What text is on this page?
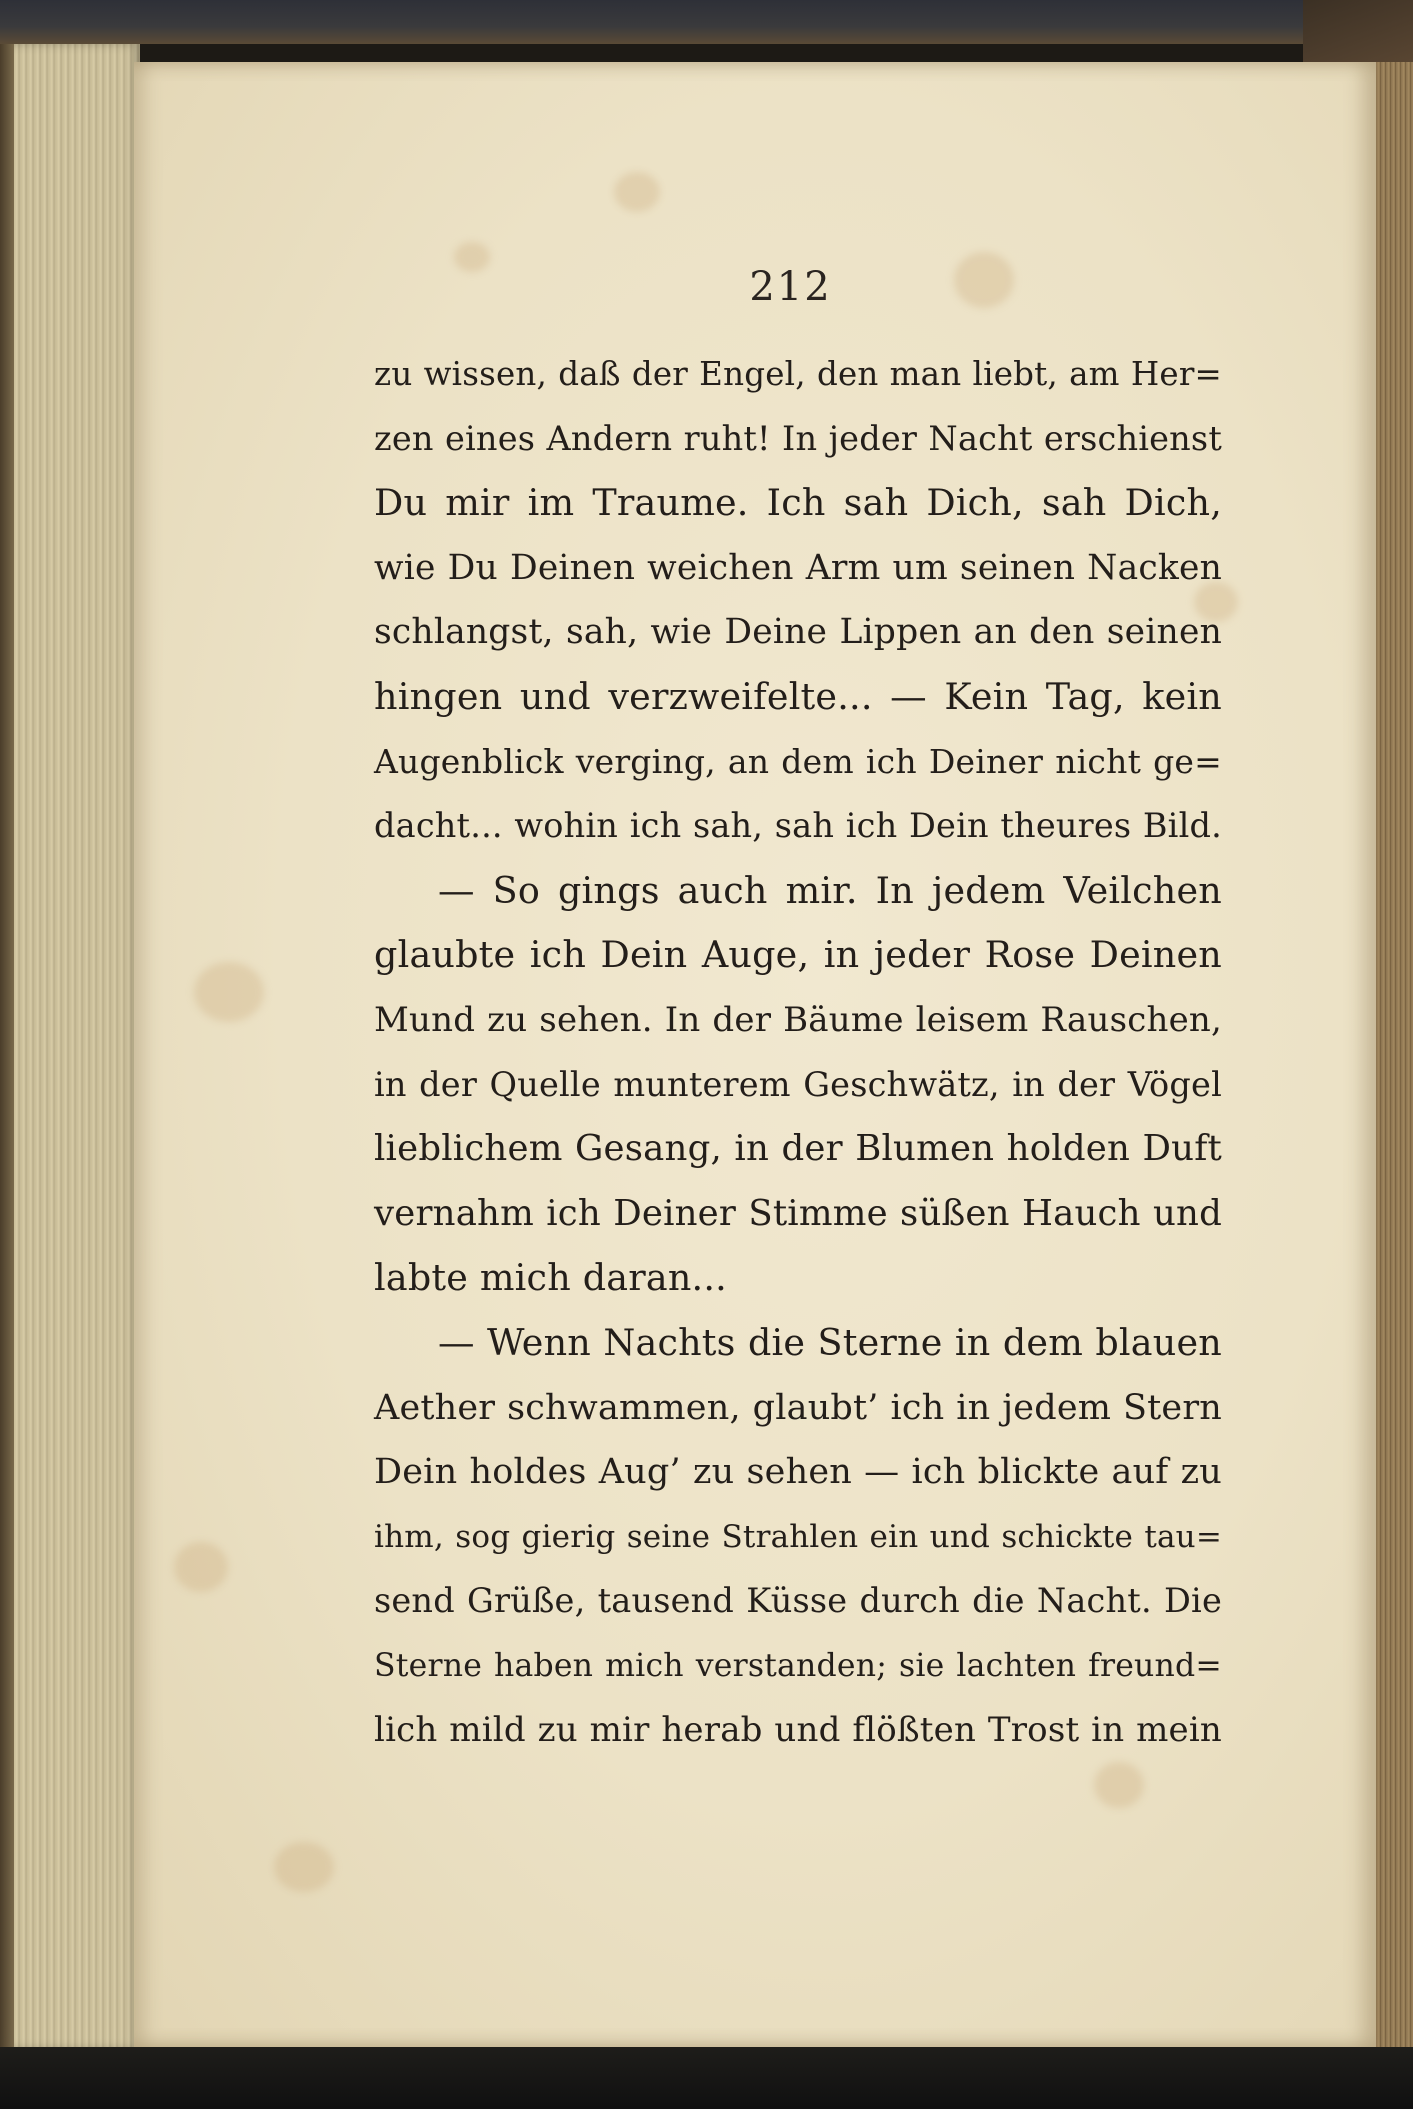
212
zu wissen, daß der Engel, den man liebt, am Her=
zen eines Andern ruht! In jeder Nacht erschienst
Du mir im Traume. Ich sah Dich, sah Dich,
wie Du Deinen weichen Arm um seinen Nacken
schlangst, sah, wie Deine Lippen an den seinen
hingen und verzweifelte... — Kein Tag, kein
Augenblick verging, an dem ich Deiner nicht ge=
dacht... wohin ich sah, sah ich Dein theures Bild.
— So gings auch mir. In jedem Veilchen
glaubte ich Dein Auge, in jeder Rose Deinen
Mund zu sehen. In der Bäume leisem Rauschen,
in der Quelle munterem Geschwätz, in der Vögel
lieblichem Gesang, in der Blumen holden Duft
vernahm ich Deiner Stimme süßen Hauch und
labte mich daran...
— Wenn Nachts die Sterne in dem blauen
Aether schwammen, glaubt’ ich in jedem Stern
Dein holdes Aug’ zu sehen — ich blickte auf zu
ihm, sog gierig seine Strahlen ein und schickte tau=
send Grüße, tausend Küsse durch die Nacht. Die
Sterne haben mich verstanden; sie lachten freund=
lich mild zu mir herab und flößten Trost in mein
